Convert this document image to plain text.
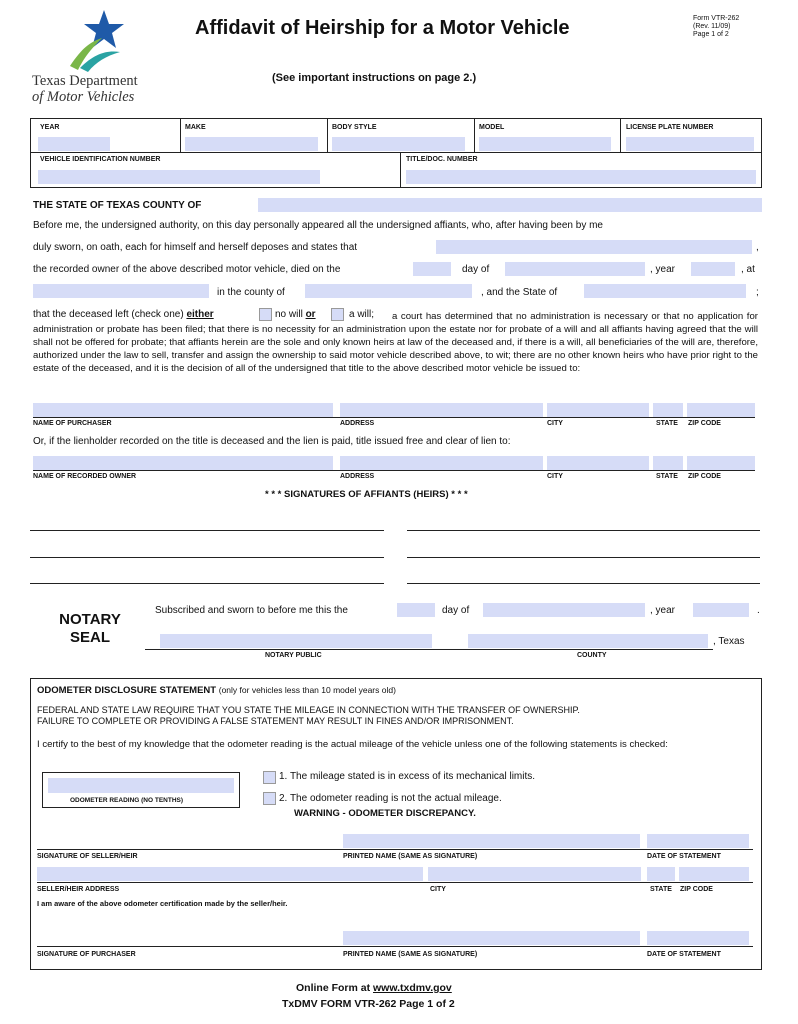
Texas Department
of Motor Vehicles
Affidavit of Heirship for a Motor Vehicle
(See important instructions on page 2.)
Form VTR-262
(Rev. 11/09)
Page 1 of 2
YEAR	MAKE	BODY STYLE	MODEL	LICENSE PLATE NUMBER
VEHICLE IDENTIFICATION NUMBER	TITLE/DOC. NUMBER
THE STATE OF TEXAS COUNTY OF
Before me, the undersigned authority, on this day personally appeared all the undersigned affiants, who, after having been by me
duly sworn, on oath, each for himself and herself deposes and states that	,
the recorded owner of the above described motor vehicle, died on the	day of	, year	, at
in the county of	, and the State of	;
that the deceased left (check one) either	no will or	a will;	a court has determined that no administration is necessary or that no application for administration or probate has been filed; that there is no necessity for an administration upon the estate nor for probate of a will and all affiants having agreed that the will shall not be offered for probate; that affiants herein are the sole and only known heirs at law of the deceased and, if there is a will, all beneficiaries of the will are, therefore, authorized under the law to sell, transfer and assign the ownership to said motor vehicle described above, to wit; there are no other known heirs who have prior right to the estate of the deceased, and it is the decision of all of the undersigned that title to the above described motor vehicle be issued to:
NAME OF PURCHASER	ADDRESS	CITY	STATE ZIP CODE
Or, if the lienholder recorded on the title is deceased and the lien is paid, title issued free and clear of lien to:
NAME OF RECORDED OWNER	ADDRESS	CITY	STATE ZIP CODE
* * * SIGNATURES OF AFFIANTS (HEIRS) * * *
NOTARY
SEAL
Subscribed and sworn to before me this the	day of	, year	.
, Texas
NOTARY PUBLIC	COUNTY
ODOMETER DISCLOSURE STATEMENT (only for vehicles less than 10 model years old)
FEDERAL AND STATE LAW REQUIRE THAT YOU STATE THE MILEAGE IN CONNECTION WITH THE TRANSFER OF OWNERSHIP.
FAILURE TO COMPLETE OR PROVIDING A FALSE STATEMENT MAY RESULT IN FINES AND/OR IMPRISONMENT.
I certify to the best of my knowledge that the odometer reading is the actual mileage of the vehicle unless one of the following statements is checked:
ODOMETER READING (NO TENTHS)
1. The mileage stated is in excess of its mechanical limits.
2. The odometer reading is not the actual mileage.
WARNING - ODOMETER DISCREPANCY.
SIGNATURE OF SELLER/HEIR	PRINTED NAME (SAME AS SIGNATURE)	DATE OF STATEMENT
SELLER/HEIR ADDRESS	CITY	STATE ZIP CODE
I am aware of the above odometer certification made by the seller/heir.
SIGNATURE OF PURCHASER	PRINTED NAME (SAME AS SIGNATURE)	DATE OF STATEMENT
Online Form at www.txdmv.gov
TxDMV FORM VTR-262 Page 1 of 2
